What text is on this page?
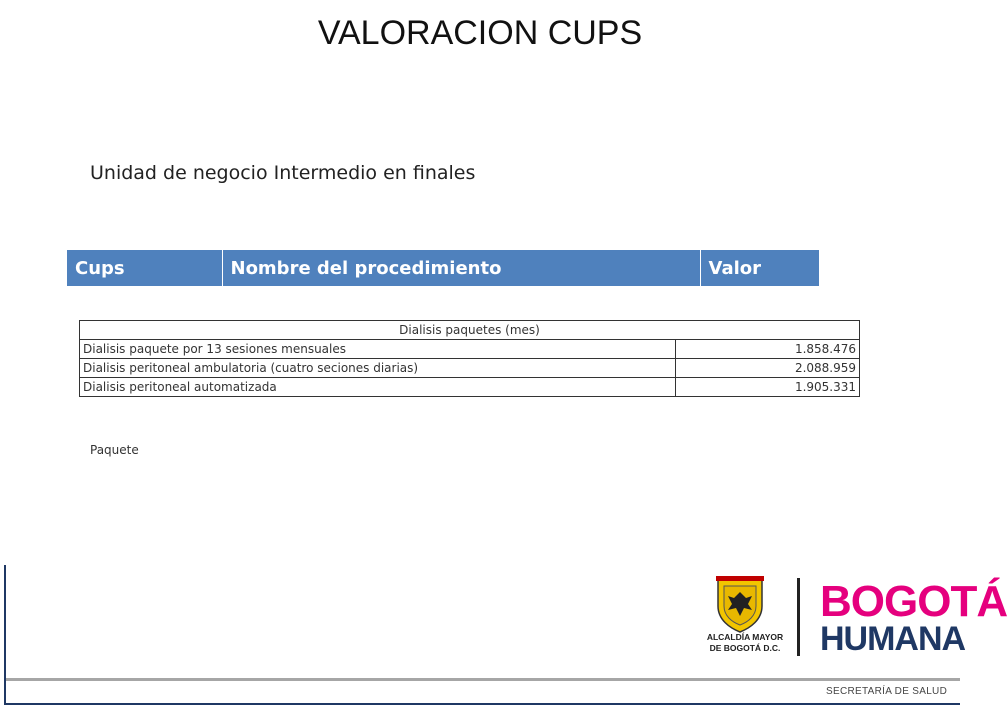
VALORACION CUPS
Unidad de negocio Intermedio en finales
Cups	Nombre del procedimiento	Valor
Dialisis paquetes (mes)	
Dialisis paquete por 13 sesiones mensuales	1.858.476
Dialisis peritoneal ambulatoria (cuatro seciones diarias)	2.088.959
Dialisis peritoneal automatizada	1.905.331
Paquete
ALCALDÍA MAYOR
DE BOGOTÁ D.C.
BOGOTÁ
HUMANA
SECRETARÍA DE SALUD
